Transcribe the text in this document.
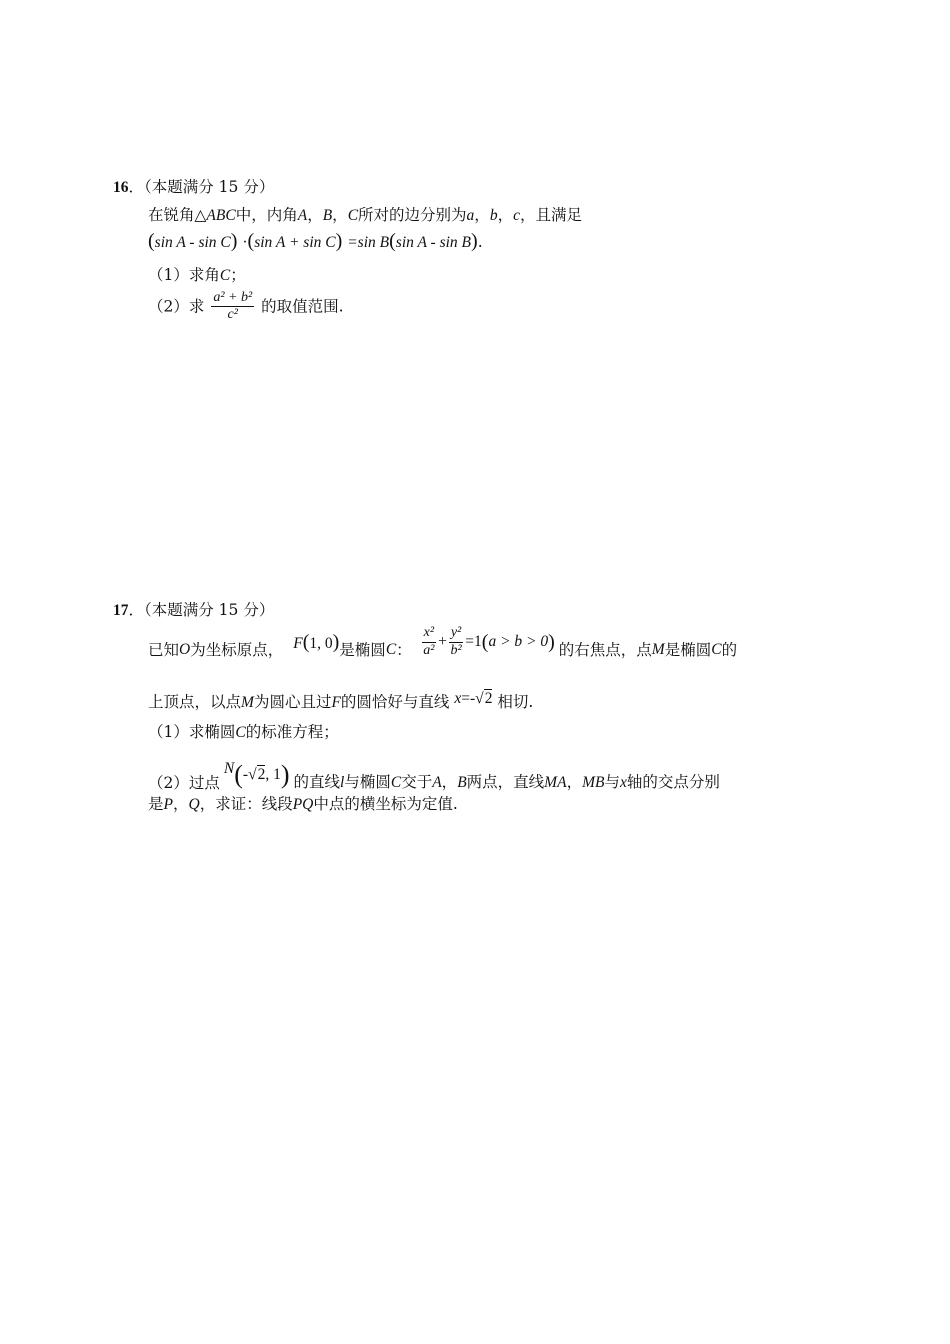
16．（本题满分 15 分）
在锐角△ABC中，内角A，B，C所对的边分别为a，b，c，且满足
(sin A - sin C) ·(sin A + sin C) =sin B(sin A - sin B).
（1）求角C；
（2）求 $\frac{\text{a² + b²}}{\text{c²}}$ 的取值范围.
17．（本题满分 15 分）
已知 O 为坐标原点， F(1, 0) 是椭圆 C ： $\frac{\text{x²}}{\text{a²}} + \frac{\text{y²}}{\text{b²}} =1$ ( a > b > 0 ) 的右焦点，点 M 是椭圆 C 的
上顶点，以点M为圆心且过F的圆恰好与直线 x=-√2 相切.
（1）求椭圆C的标准方程；
（2）过点
N ( - √2 , 1 ) 的直线l与椭圆C交于A，B两点，直线MA，MB与x轴的交点分别
是P，Q，求证：线段PQ中点的横坐标为定值.
